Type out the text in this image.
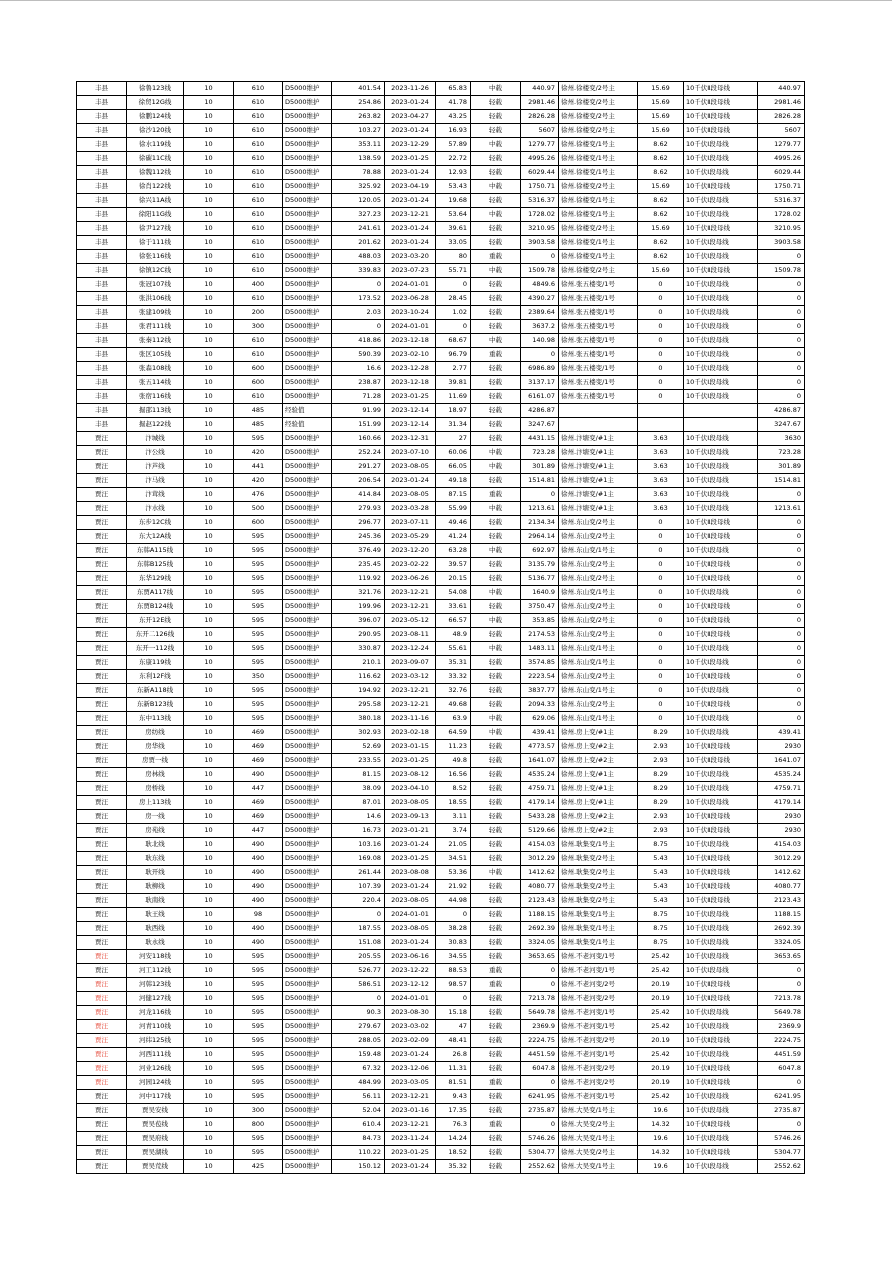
丰县	徐鲁123线	10	610	D5000维护	401.54	2023-11-26	65.83	中载	440.97	徐州.徐楼变/2号主	15.69	10千伏Ⅱ段母线	440.97
丰县	徐贸12G线	10	610	D5000维护	254.86	2023-01-24	41.78	轻载	2981.46	徐州.徐楼变/2号主	15.69	10千伏Ⅱ段母线	2981.46
丰县	徐鹏124线	10	610	D5000维护	263.82	2023-04-27	43.25	轻载	2826.28	徐州.徐楼变/2号主	15.69	10千伏Ⅱ段母线	2826.28
丰县	徐沙120线	10	610	D5000维护	103.27	2023-01-24	16.93	轻载	5607	徐州.徐楼变/2号主	15.69	10千伏Ⅱ段母线	5607
丰县	徐水119线	10	610	D5000维护	353.11	2023-12-29	57.89	中载	1279.77	徐州.徐楼变/1号主	8.62	10千伏Ⅰ段母线	1279.77
丰县	徐碳11C线	10	610	D5000维护	138.59	2023-01-25	22.72	轻载	4995.26	徐州.徐楼变/1号主	8.62	10千伏Ⅰ段母线	4995.26
丰县	徐魏112线	10	610	D5000维护	78.88	2023-01-24	12.93	轻载	6029.44	徐州.徐楼变/1号主	8.62	10千伏Ⅰ段母线	6029.44
丰县	徐肖122线	10	610	D5000维护	325.92	2023-04-19	53.43	中载	1750.71	徐州.徐楼变/2号主	15.69	10千伏Ⅱ段母线	1750.71
丰县	徐兴11A线	10	610	D5000维护	120.05	2023-01-24	19.68	轻载	5316.37	徐州.徐楼变/1号主	8.62	10千伏Ⅰ段母线	5316.37
丰县	徐阳11G线	10	610	D5000维护	327.23	2023-12-21	53.64	中载	1728.02	徐州.徐楼变/1号主	8.62	10千伏Ⅰ段母线	1728.02
丰县	徐尹127线	10	610	D5000维护	241.61	2023-01-24	39.61	轻载	3210.95	徐州.徐楼变/2号主	15.69	10千伏Ⅱ段母线	3210.95
丰县	徐于111线	10	610	D5000维护	201.62	2023-01-24	33.05	轻载	3903.58	徐州.徐楼变/1号主	8.62	10千伏Ⅰ段母线	3903.58
丰县	徐张116线	10	610	D5000维护	488.03	2023-03-20	80	重载	0	徐州.徐楼变/1号主	8.62	10千伏Ⅰ段母线	0
丰县	徐镇12C线	10	610	D5000维护	339.83	2023-07-23	55.71	中载	1509.78	徐州.徐楼变/2号主	15.69	10千伏Ⅱ段母线	1509.78
丰县	张冠107线	10	400	D5000维护	0	2024-01-01	0	轻载	4849.6	徐州.张五楼变/1号	0	10千伏Ⅰ段母线	0
丰县	张洪106线	10	610	D5000维护	173.52	2023-06-28	28.45	轻载	4390.27	徐州.张五楼变/1号	0	10千伏Ⅰ段母线	0
丰县	张建109线	10	200	D5000维护	2.03	2023-10-24	1.02	轻载	2389.64	徐州.张五楼变/1号	0	10千伏Ⅰ段母线	0
丰县	张君111线	10	300	D5000维护	0	2024-01-01	0	轻载	3637.2	徐州.张五楼变/1号	0	10千伏Ⅰ段母线	0
丰县	张秦112线	10	610	D5000维护	418.86	2023-12-18	68.67	中载	140.98	徐州.张五楼变/1号	0	10千伏Ⅰ段母线	0
丰县	张区105线	10	610	D5000维护	590.39	2023-02-10	96.79	重载	0	徐州.张五楼变/1号	0	10千伏Ⅰ段母线	0
丰县	张森108线	10	600	D5000维护	16.6	2023-12-28	2.77	轻载	6986.89	徐州.张五楼变/1号	0	10千伏Ⅰ段母线	0
丰县	张五114线	10	600	D5000维护	238.87	2023-12-18	39.81	轻载	3137.17	徐州.张五楼变/1号	0	10千伏Ⅰ段母线	0
丰县	张宿116线	10	610	D5000维护	71.28	2023-01-25	11.69	轻载	6161.07	徐州.张五楼变/1号	0	10千伏Ⅰ段母线	0
丰县	掘邵113线	10	485	经验值	91.99	2023-12-14	18.97	轻载	4286.87				4286.87
丰县	掘赵122线	10	485	经验值	151.99	2023-12-14	31.34	轻载	3247.67				3247.67
贾汪	汴城线	10	595	D5000维护	160.66	2023-12-31	27	轻载	4431.15	徐州.汴塘变/#1主	3.63	10千伏Ⅰ段母线	3630
贾汪	汴公线	10	420	D5000维护	252.24	2023-07-10	60.06	中载	723.28	徐州.汴塘变/#1主	3.63	10千伏Ⅰ段母线	723.28
贾汪	汴芦线	10	441	D5000维护	291.27	2023-08-05	66.05	中载	301.89	徐州.汴塘变/#1主	3.63	10千伏Ⅰ段母线	301.89
贾汪	汴马线	10	420	D5000维护	206.54	2023-01-24	49.18	轻载	1514.81	徐州.汴塘变/#1主	3.63	10千伏Ⅰ段母线	1514.81
贾汪	汴茸线	10	476	D5000维护	414.84	2023-08-05	87.15	重载	0	徐州.汴塘变/#1主	3.63	10千伏Ⅰ段母线	0
贾汪	汴水线	10	500	D5000维护	279.93	2023-03-28	55.99	中载	1213.61	徐州.汴塘变/#1主	3.63	10千伏Ⅰ段母线	1213.61
贾汪	东步12C线	10	600	D5000维护	296.77	2023-07-11	49.46	轻载	2134.34	徐州.东山变/2号主	0	10千伏Ⅱ段母线	0
贾汪	东大12A线	10	595	D5000维护	245.36	2023-05-29	41.24	轻载	2964.14	徐州.东山变/2号主	0	10千伏Ⅱ段母线	0
贾汪	东韩A115线	10	595	D5000维护	376.49	2023-12-20	63.28	中载	692.97	徐州.东山变/1号主	0	10千伏Ⅰ段母线	0
贾汪	东韩B125线	10	595	D5000维护	235.45	2023-02-22	39.57	轻载	3135.79	徐州.东山变/2号主	0	10千伏Ⅱ段母线	0
贾汪	东华129线	10	595	D5000维护	119.92	2023-06-26	20.15	轻载	5136.77	徐州.东山变/2号主	0	10千伏Ⅱ段母线	0
贾汪	东贾A117线	10	595	D5000维护	321.76	2023-12-21	54.08	中载	1640.9	徐州.东山变/1号主	0	10千伏Ⅰ段母线	0
贾汪	东贾B124线	10	595	D5000维护	199.96	2023-12-21	33.61	轻载	3750.47	徐州.东山变/2号主	0	10千伏Ⅱ段母线	0
贾汪	东开12E线	10	595	D5000维护	396.07	2023-05-12	66.57	中载	353.85	徐州.东山变/2号主	0	10千伏Ⅱ段母线	0
贾汪	东开二126线	10	595	D5000维护	290.95	2023-08-11	48.9	轻载	2174.53	徐州.东山变/2号主	0	10千伏Ⅱ段母线	0
贾汪	东开一112线	10	595	D5000维护	330.87	2023-12-24	55.61	中载	1483.11	徐州.东山变/1号主	0	10千伏Ⅰ段母线	0
贾汪	东康119线	10	595	D5000维护	210.1	2023-09-07	35.31	轻载	3574.85	徐州.东山变/1号主	0	10千伏Ⅰ段母线	0
贾汪	东利12F线	10	350	D5000维护	116.62	2023-03-12	33.32	轻载	2223.54	徐州.东山变/2号主	0	10千伏Ⅱ段母线	0
贾汪	东新A118线	10	595	D5000维护	194.92	2023-12-21	32.76	轻载	3837.77	徐州.东山变/1号主	0	10千伏Ⅰ段母线	0
贾汪	东新B123线	10	595	D5000维护	295.58	2023-12-21	49.68	轻载	2094.33	徐州.东山变/2号主	0	10千伏Ⅱ段母线	0
贾汪	东中113线	10	595	D5000维护	380.18	2023-11-16	63.9	中载	629.06	徐州.东山变/1号主	0	10千伏Ⅰ段母线	0
贾汪	房纺线	10	469	D5000维护	302.93	2023-02-18	64.59	中载	439.41	徐州.房上变/#1主	8.29	10千伏Ⅰ段母线	439.41
贾汪	房华线	10	469	D5000维护	52.69	2023-01-15	11.23	轻载	4773.57	徐州.房上变/#2主	2.93	10千伏Ⅱ段母线	2930
贾汪	房贾一线	10	469	D5000维护	233.55	2023-01-25	49.8	轻载	1641.07	徐州.房上变/#2主	2.93	10千伏Ⅱ段母线	1641.07
贾汪	房林线	10	490	D5000维护	81.15	2023-08-12	16.56	轻载	4535.24	徐州.房上变/#1主	8.29	10千伏Ⅰ段母线	4535.24
贾汪	房桥线	10	447	D5000维护	38.09	2023-04-10	8.52	轻载	4759.71	徐州.房上变/#1主	8.29	10千伏Ⅰ段母线	4759.71
贾汪	房上113线	10	469	D5000维护	87.01	2023-08-05	18.55	轻载	4179.14	徐州.房上变/#1主	8.29	10千伏Ⅰ段母线	4179.14
贾汪	房一线	10	469	D5000维护	14.6	2023-09-13	3.11	轻载	5433.28	徐州.房上变/#2主	2.93	10千伏Ⅱ段母线	2930
贾汪	房苑线	10	447	D5000维护	16.73	2023-01-21	3.74	轻载	5129.66	徐州.房上变/#2主	2.93	10千伏Ⅱ段母线	2930
贾汪	耿北线	10	490	D5000维护	103.16	2023-01-24	21.05	轻载	4154.03	徐州.耿集变/1号主	8.75	10千伏Ⅰ段母线	4154.03
贾汪	耿东线	10	490	D5000维护	169.08	2023-01-25	34.51	轻载	3012.29	徐州.耿集变/2号主	5.43	10千伏Ⅱ段母线	3012.29
贾汪	耿开线	10	490	D5000维护	261.44	2023-08-08	53.36	中载	1412.62	徐州.耿集变/2号主	5.43	10千伏Ⅱ段母线	1412.62
贾汪	耿柳线	10	490	D5000维护	107.39	2023-01-24	21.92	轻载	4080.77	徐州.耿集变/2号主	5.43	10千伏Ⅱ段母线	4080.77
贾汪	耿南线	10	490	D5000维护	220.4	2023-08-05	44.98	轻载	2123.43	徐州.耿集变/2号主	5.43	10千伏Ⅱ段母线	2123.43
贾汪	耿王线	10	98	D5000维护	0	2024-01-01	0	轻载	1188.15	徐州.耿集变/1号主	8.75	10千伏Ⅰ段母线	1188.15
贾汪	耿西线	10	490	D5000维护	187.55	2023-08-05	38.28	轻载	2692.39	徐州.耿集变/1号主	8.75	10千伏Ⅰ段母线	2692.39
贾汪	耿永线	10	490	D5000维护	151.08	2023-01-24	30.83	轻载	3324.05	徐州.耿集变/1号主	8.75	10千伏Ⅰ段母线	3324.05
贾汪	河安118线	10	595	D5000维护	205.55	2023-06-16	34.55	轻载	3653.65	徐州.不老河变/1号	25.42	10千伏Ⅰ段母线	3653.65
贾汪	河工112线	10	595	D5000维护	526.77	2023-12-22	88.53	重载	0	徐州.不老河变/1号	25.42	10千伏Ⅰ段母线	0
贾汪	河韩123线	10	595	D5000维护	586.51	2023-12-12	98.57	重载	0	徐州.不老河变/2号	20.19	10千伏Ⅱ段母线	0
贾汪	河健127线	10	595	D5000维护	0	2024-01-01	0	轻载	7213.78	徐州.不老河变/2号	20.19	10千伏Ⅱ段母线	7213.78
贾汪	河龙116线	10	595	D5000维护	90.3	2023-08-30	15.18	轻载	5649.78	徐州.不老河变/1号	25.42	10千伏Ⅰ段母线	5649.78
贾汪	河青110线	10	595	D5000维护	279.67	2023-03-02	47	轻载	2369.9	徐州.不老河变/1号	25.42	10千伏Ⅰ段母线	2369.9
贾汪	河纬125线	10	595	D5000维护	288.05	2023-02-09	48.41	轻载	2224.75	徐州.不老河变/2号	20.19	10千伏Ⅱ段母线	2224.75
贾汪	河西111线	10	595	D5000维护	159.48	2023-01-24	26.8	轻载	4451.59	徐州.不老河变/1号	25.42	10千伏Ⅰ段母线	4451.59
贾汪	河业126线	10	595	D5000维护	67.32	2023-12-06	11.31	轻载	6047.8	徐州.不老河变/2号	20.19	10千伏Ⅱ段母线	6047.8
贾汪	河园124线	10	595	D5000维护	484.99	2023-03-05	81.51	重载	0	徐州.不老河变/2号	20.19	10千伏Ⅱ段母线	0
贾汪	河中117线	10	595	D5000维护	56.11	2023-12-21	9.43	轻载	6241.95	徐州.不老河变/1号	25.42	10千伏Ⅰ段母线	6241.95
贾汪	贾吴安线	10	300	D5000维护	52.04	2023-01-16	17.35	轻载	2735.87	徐州.大吴变/1号主	19.6	10千伏Ⅰ段母线	2735.87
贾汪	贾吴苞线	10	800	D5000维护	610.4	2023-12-21	76.3	重载	0	徐州.大吴变/2号主	14.32	10千伏Ⅱ段母线	0
贾汪	贾吴府线	10	595	D5000维护	84.73	2023-11-24	14.24	轻载	5746.26	徐州.大吴变/1号主	19.6	10千伏Ⅰ段母线	5746.26
贾汪	贾吴湖线	10	595	D5000维护	110.22	2023-01-25	18.52	轻载	5304.77	徐州.大吴变/2号主	14.32	10千伏Ⅱ段母线	5304.77
贾汪	贾吴荒线	10	425	D5000维护	150.12	2023-01-24	35.32	轻载	2552.62	徐州.大吴变/1号主	19.6	10千伏Ⅰ段母线	2552.62
